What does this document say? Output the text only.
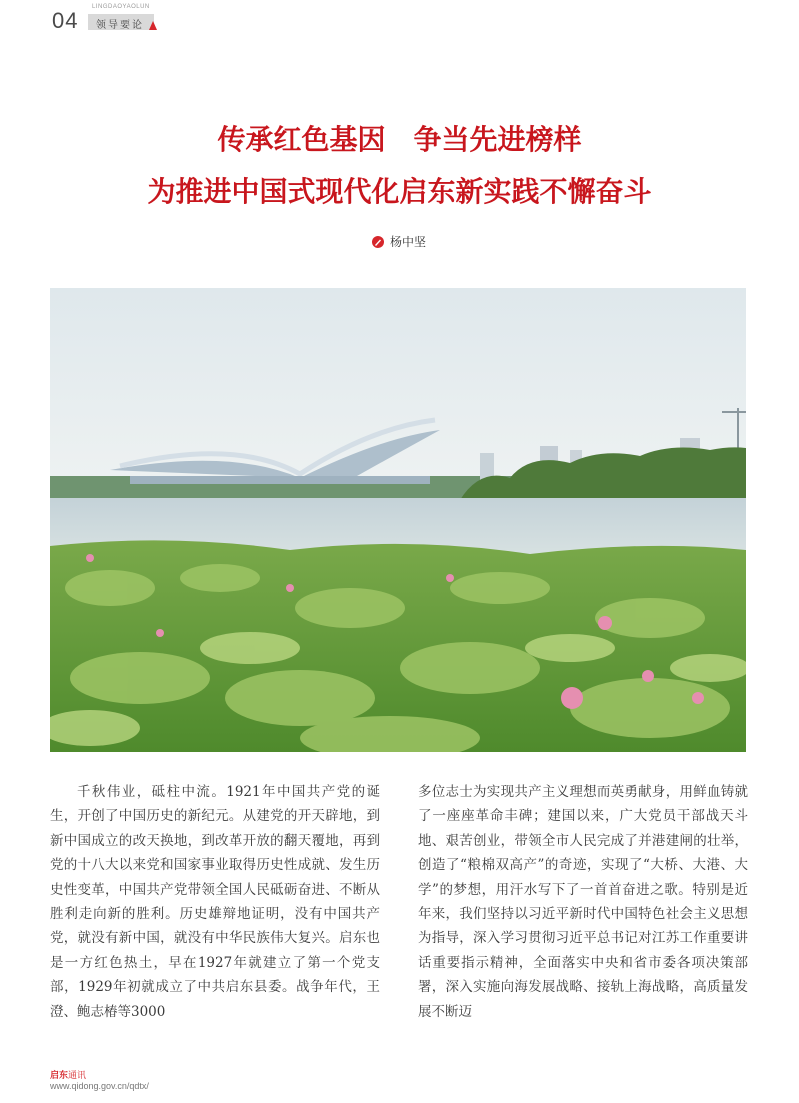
04
LINGDAOYAOLUN
领导要论
传承红色基因　争当先进榜样
为推进中国式现代化启东新实践不懈奋斗
杨中坚
千秋伟业，砥柱中流。1921年中国共产党的诞生，开创了中国历史的新纪元。从建党的开天辟地，到新中国成立的改天换地，到改革开放的翻天覆地，再到党的十八大以来党和国家事业取得历史性成就、发生历史性变革，中国共产党带领全国人民砥砺奋进、不断从胜利走向新的胜利。历史雄辩地证明，没有中国共产党，就没有新中国，就没有中华民族伟大复兴。启东也是一方红色热土，早在1927年就建立了第一个党支部，1929年初就成立了中共启东县委。战争年代，王澄、鲍志椿等3000
多位志士为实现共产主义理想而英勇献身，用鲜血铸就了一座座革命丰碑；建国以来，广大党员干部战天斗地、艰苦创业，带领全市人民完成了并港建闸的壮举，创造了“粮棉双高产”的奇迹，实现了“大桥、大港、大学”的梦想，用汗水写下了一首首奋进之歌。特别是近年来，我们坚持以习近平新时代中国特色社会主义思想为指导，深入学习贯彻习近平总书记对江苏工作重要讲话重要指示精神，全面落实中央和省市委各项决策部署，深入实施向海发展战略、接轨上海战略，高质量发展不断迈
启东通讯
www.qidong.gov.cn/qdtx/
